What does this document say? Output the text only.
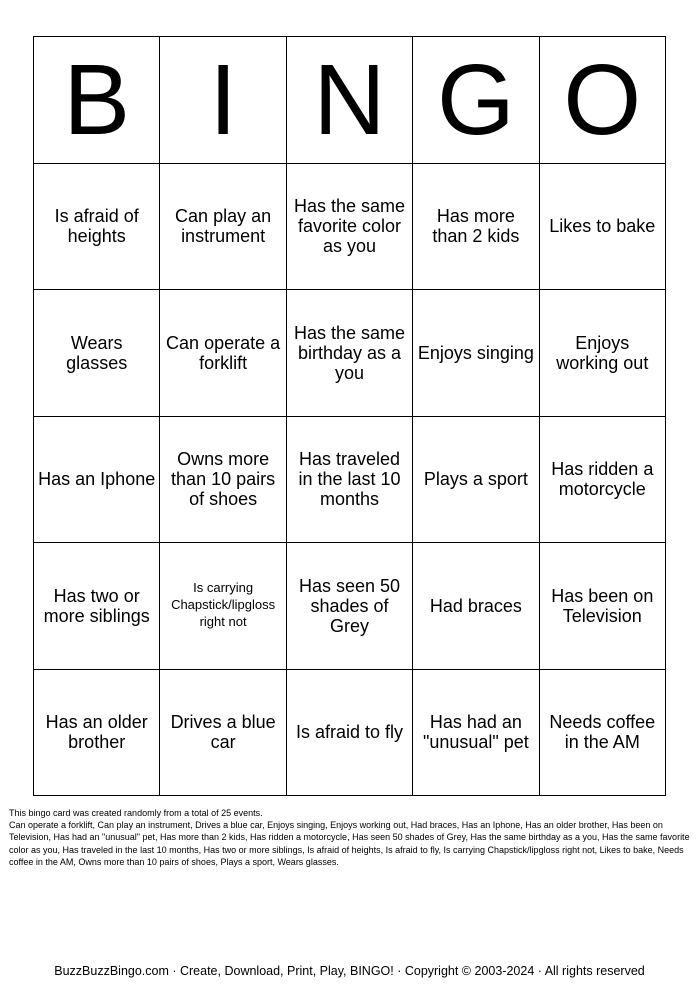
B I N G O
Is afraid of heights
Can play an instrument
Has the same favorite color as you
Has more than 2 kids
Likes to bake
Wears glasses
Can operate a forklift
Has the same birthday as a you
Enjoys singing
Enjoys working out
Has an Iphone
Owns more than 10 pairs of shoes
Has traveled in the last 10 months
Plays a sport
Has ridden a motorcycle
Has two or more siblings
Is carrying Chapstick/lipgloss right not
Has seen 50 shades of Grey
Had braces
Has been on Television
Has an older brother
Drives a blue car
Is afraid to fly
Has had an "unusual" pet
Needs coffee in the AM

This bingo card was created randomly from a total of 25 events.

Can operate a forklift, Can play an instrument, Drives a blue car, Enjoys singing, Enjoys working out, Had braces, Has an Iphone, Has an older brother, Has been on Television, Has had an "unusual" pet, Has more than 2 kids, Has ridden a motorcycle, Has seen 50 shades of Grey, Has the same birthday as a you, Has the same favorite color as you, Has traveled in the last 10 months, Has two or more siblings, Is afraid of heights, Is afraid to fly, Is carrying Chapstick/lipgloss right not, Likes to bake, Needs coffee in the AM, Owns more than 10 pairs of shoes, Plays a sport, Wears glasses.

BuzzBuzzBingo.com · Create, Download, Print, Play, BINGO! · Copyright © 2003-2024 · All rights reserved
